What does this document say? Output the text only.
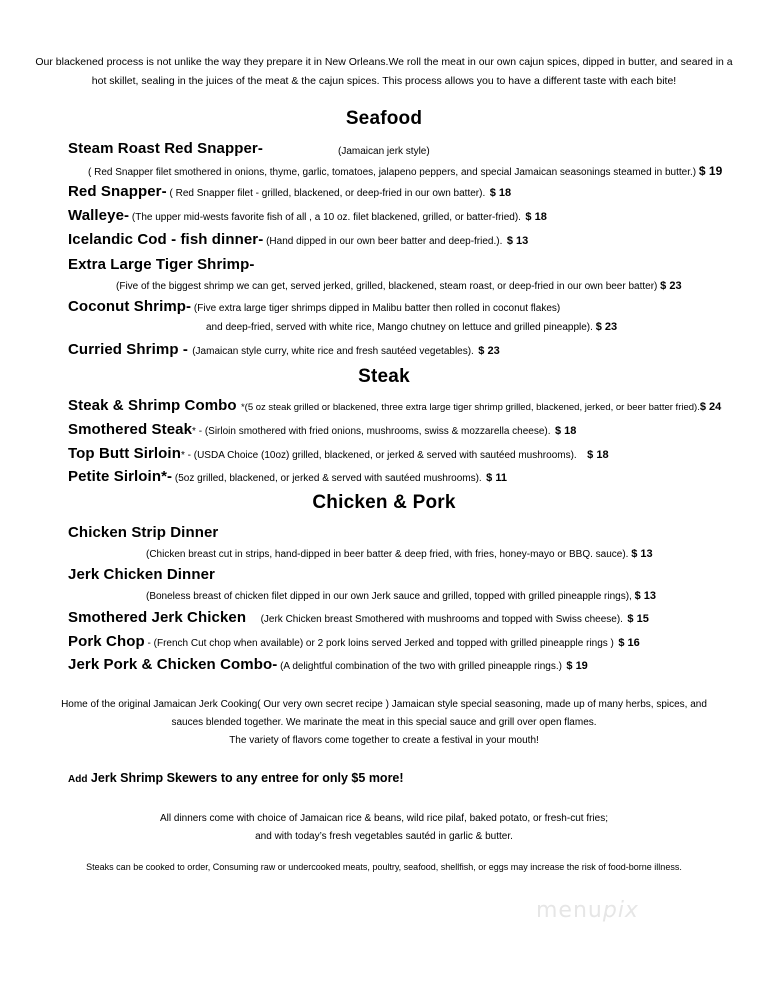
Our blackened process is not unlike the way they prepare it in New Orleans.We roll the meat in our own cajun spices, dipped in butter, and seared in a
hot skillet, sealing in the juices of the meat & the cajun spices. This process allows you to have a different taste with each bite!
Seafood
Steam Roast Red Snapper-	(Jamaican jerk style)
( Red Snapper filet smothered in onions, thyme, garlic, tomatoes, jalapeno peppers, and special Jamaican seasonings steamed in butter.) $ 19
Red Snapper- ( Red Snapper filet - grilled, blackened, or deep-fried in our own batter). $ 18
Walleye- (The upper mid-wests favorite fish of all , a 10 oz. filet blackened, grilled, or batter-fried). $ 18
Icelandic Cod - fish dinner- (Hand dipped in our own beer batter and deep-fried.). $ 13
Extra Large Tiger Shrimp-
(Five of the biggest shrimp we can get, served jerked, grilled, blackened, steam roast, or deep-fried in our own beer batter) $ 23
Coconut Shrimp- (Five extra large tiger shrimps dipped in Malibu batter then rolled in coconut flakes)
and deep-fried, served with white rice, Mango chutney on lettuce and grilled pineapple). $ 23
Curried Shrimp - (Jamaican style curry, white rice and fresh sautéed vegetables). $ 23
Steak
Steak & Shrimp Combo *(5 oz steak grilled or blackened, three extra large tiger shrimp grilled, blackened, jerked, or beer batter fried).$ 24
Smothered Steak* - (Sirloin smothered with fried onions, mushrooms, swiss & mozzarella cheese). $ 18
Top Butt Sirloin* - (USDA Choice (10oz) grilled, blackened, or jerked & served with sautéed mushrooms). $ 18
Petite Sirloin*- (5oz grilled, blackened, or jerked & served with sautéed mushrooms). $ 11
Chicken & Pork
Chicken Strip Dinner
(Chicken breast cut in strips, hand-dipped in beer batter & deep fried, with fries, honey-mayo or BBQ. sauce). $ 13
Jerk Chicken Dinner
(Boneless breast of chicken filet dipped in our own Jerk sauce and grilled, topped with grilled pineapple rings), $ 13
Smothered Jerk Chicken (Jerk Chicken breast Smothered with mushrooms and topped with Swiss cheese). $ 15
Pork Chop - (French Cut chop when available) or 2 pork loins served Jerked and topped with grilled pineapple rings ) $ 16
Jerk Pork & Chicken Combo- (A delightful combination of the two with grilled pineapple rings.) $ 19
Home of the original Jamaican Jerk Cooking( Our very own secret recipe ) Jamaican style special seasoning, made up of many herbs, spices, and
sauces blended together. We marinate the meat in this special sauce and grill over open flames.
The variety of flavors come together to create a festival in your mouth!
Add Jerk Shrimp Skewers to any entree for only $5 more!
All dinners come with choice of Jamaican rice & beans, wild rice pilaf, baked potato, or fresh-cut fries;
and with today’s fresh vegetables sautéd in garlic & butter.
Steaks can be cooked to order, Consuming raw or undercooked meats, poultry, seafood, shellfish, or eggs may increase the risk of food-borne illness.
menupix
